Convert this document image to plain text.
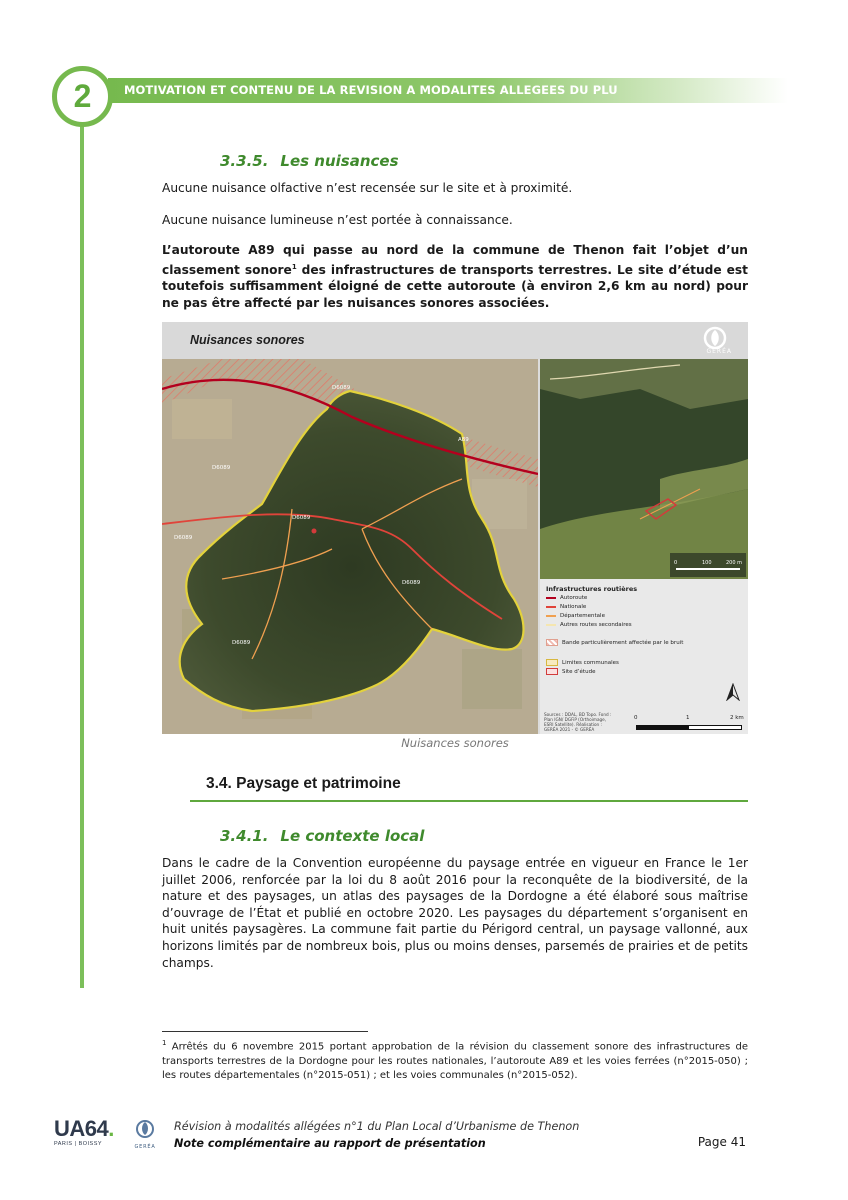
MOTIVATION ET CONTENU DE LA REVISION A MODALITES ALLEGEES DU PLU
2
3.3.5. Les nuisances
Aucune nuisance olfactive n’est recensée sur le site et à proximité.
Aucune nuisance lumineuse n’est portée à connaissance.
L’autoroute A89 qui passe au nord de la commune de Thenon fait l’objet d’un classement sonore$^1$ des infrastructures de transports terrestres. Le site d’étude est toutefois suffisamment éloigné de cette autoroute (à environ 2,6 km au nord) pour ne pas être affecté par les nuisances sonores associées.
Nuisances sonores
GERÉA
D6089
A89
D6089
D6089
D6089
D6089
D6089
0	100	200 m
Infrastructures routières
Autoroute
Nationale
Départementale
Autres routes secondaires
Bande particulièrement affectée par le bruit
Limites communales
Site d’étude
Sources : DDAL, BD Topo. Fond : Plan IGN/ DGFiP (Orthoimage, ESRI Satellite). Réalisation : GERÉA 2021 - © GERÉA
0	1	2 km
Nuisances sonores
3.4. Paysage et patrimoine
3.4.1. Le contexte local
Dans le cadre de la Convention européenne du paysage entrée en vigueur en France le 1er juillet 2006, renforcée par la loi du 8 août 2016 pour la reconquête de la biodiversité, de la nature et des paysages, un atlas des paysages de la Dordogne a été élaboré sous maîtrise d’ouvrage de l’État et publié en octobre 2020. Les paysages du département s’organisent en huit unités paysagères. La commune fait partie du Périgord central, un paysage vallonné, aux horizons limités par de nombreux bois, plus ou moins denses, parsemés de prairies et de petits champs.
$^1$ Arrêtés du 6 novembre 2015 portant approbation de la révision du classement sonore des infrastructures de transports terrestres de la Dordogne pour les routes nationales, l’autoroute A89 et les voies ferrées (n°2015-050) ; les routes départementales (n°2015-051) ; et les voies communales (n°2015-052).
UA64.
PARIS | BOISSY	GERÉA
Révision à modalités allégées n°1 du Plan Local d’Urbanisme de Thenon
Note complémentaire au rapport de présentation	Page 41
